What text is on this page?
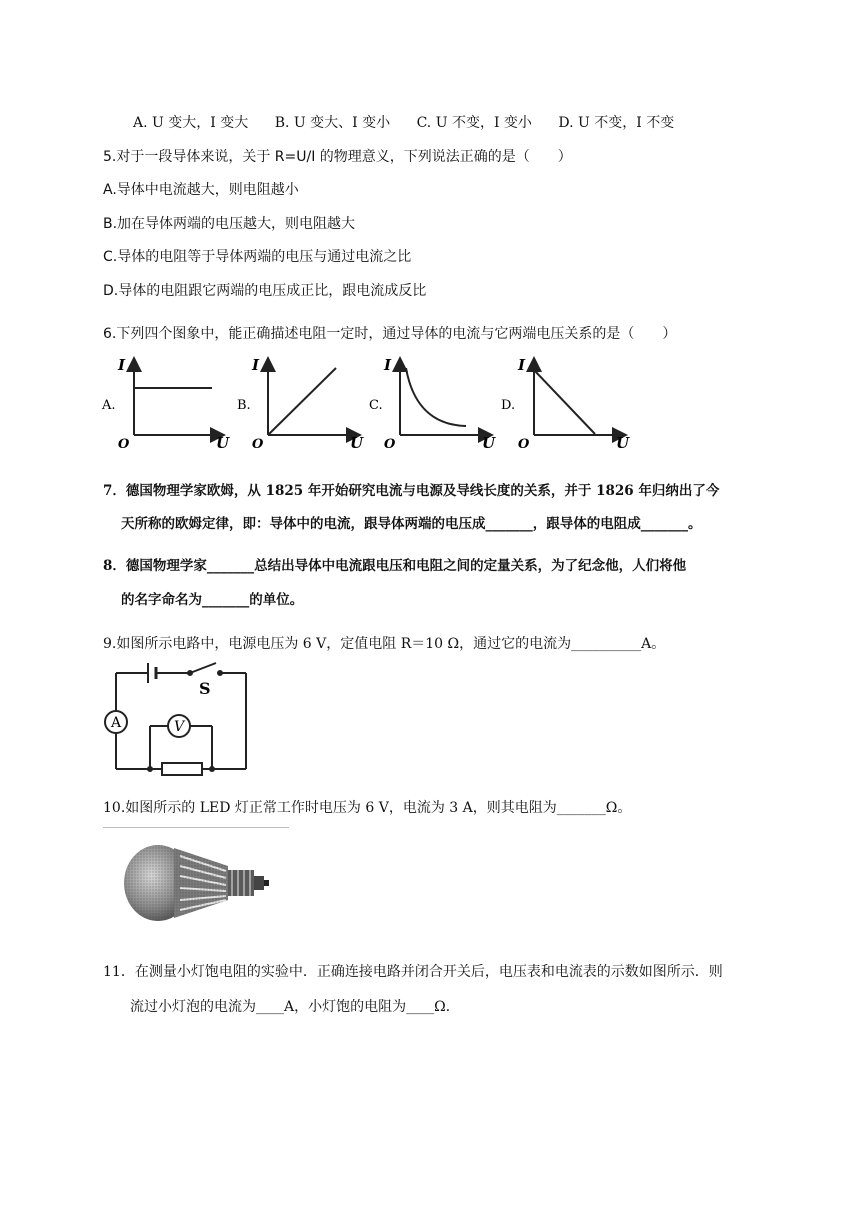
A. U 变大，I 变大 B. U 变大、I 变小 C. U 不变，I 变小 D. U 不变，I 不变
5.对于一段导体来说，关于 R=U/I 的物理意义，下列说法正确的是（　　）
A.导体中电流越大，则电阻越小
B.加在导体两端的电压越大，则电阻越大
C.导体的电阻等于导体两端的电压与通过电流之比
D.导体的电阻跟它两端的电压成正比，跟电流成反比
6.下列四个图象中，能正确描述电阻一定时，通过导体的电流与它两端电压关系的是（　　）
A.
I
O	U
B.
I
O	U
C.
I
O	U
D.
I
O	U
7．德国物理学家欧姆，从 1825 年开始研究电流与电源及导线长度的关系，并于 1826 年归纳出了今
天所称的欧姆定律，即：导体中的电流，跟导体两端的电压成_______，跟导体的电阻成_______。
8．德国物理学家_______总结出导体中电流跟电压和电阻之间的定量关系，为了纪念他，人们将他
的名字命名为_______的单位。
9.如图所示电路中，电源电压为 6 V，定值电阻 R＝10 Ω，通过它的电流为__________A。
A	V
S
10.如图所示的 LED 灯正常工作时电压为 6 V，电流为 3 A，则其电阻为_______Ω。
11．在测量小灯饱电阻的实验中．正确连接电路并闭合开关后，电压表和电流表的示数如图所示．则
流过小灯泡的电流为____A，小灯饱的电阻为____Ω．
